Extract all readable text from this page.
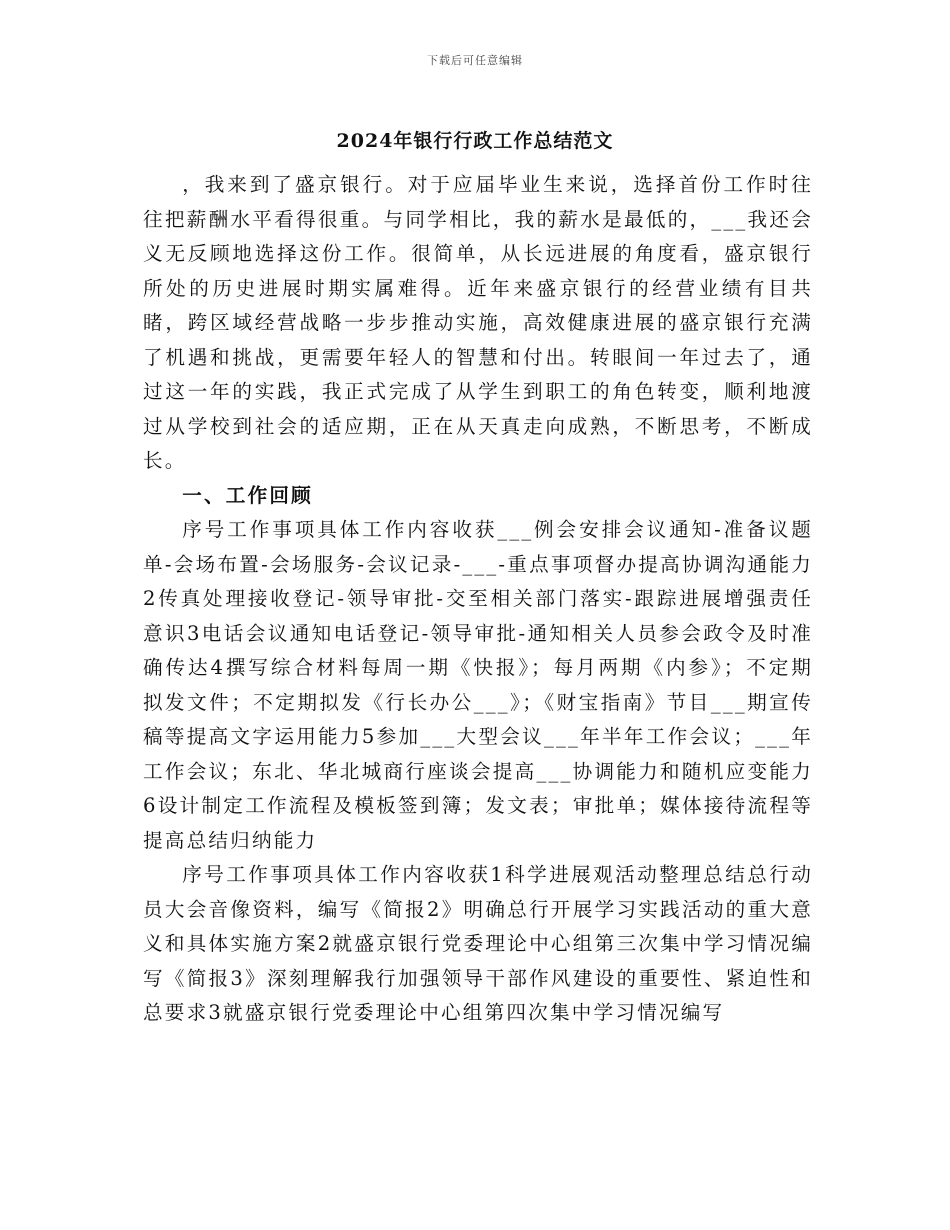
下载后可任意编辑
2024年银行行政工作总结范文

，我来到了盛京银行。对于应届毕业生来说，选择首份工作时往往把薪酬水平看得很重。与同学相比，我的薪水是最低的，___我还会义无反顾地选择这份工作。很简单，从长远进展的角度看，盛京银行所处的历史进展时期实属难得。近年来盛京银行的经营业绩有目共睹，跨区域经营战略一步步推动实施，高效健康进展的盛京银行充满了机遇和挑战，更需要年轻人的智慧和付出。转眼间一年过去了，通过这一年的实践，我正式完成了从学生到职工的角色转变，顺利地渡过从学校到社会的适应期，正在从天真走向成熟，不断思考，不断成长。

一、工作回顾

序号工作事项具体工作内容收获___例会安排会议通知-准备议题单-会场布置-会场服务-会议记录-___-重点事项督办提高协调沟通能力2传真处理接收登记-领导审批-交至相关部门落实-跟踪进展增强责任意识3电话会议通知电话登记-领导审批-通知相关人员参会政令及时准确传达4撰写综合材料每周一期《快报》；每月两期《内参》；不定期拟发文件；不定期拟发《行长办公___》；《财宝指南》节目___期宣传稿等提高文字运用能力5参加___大型会议___年半年工作会议；___年工作会议；东北、华北城商行座谈会提高___协调能力和随机应变能力6设计制定工作流程及模板签到簿；发文表；审批单；媒体接待流程等提高总结归纳能力

序号工作事项具体工作内容收获1科学进展观活动整理总结总行动员大会音像资料，编写《简报2》明确总行开展学习实践活动的重大意义和具体实施方案2就盛京银行党委理论中心组第三次集中学习情况编写《简报3》深刻理解我行加强领导干部作风建设的重要性、紧迫性和总要求3就盛京银行党委理论中心组第四次集中学习情况编写
